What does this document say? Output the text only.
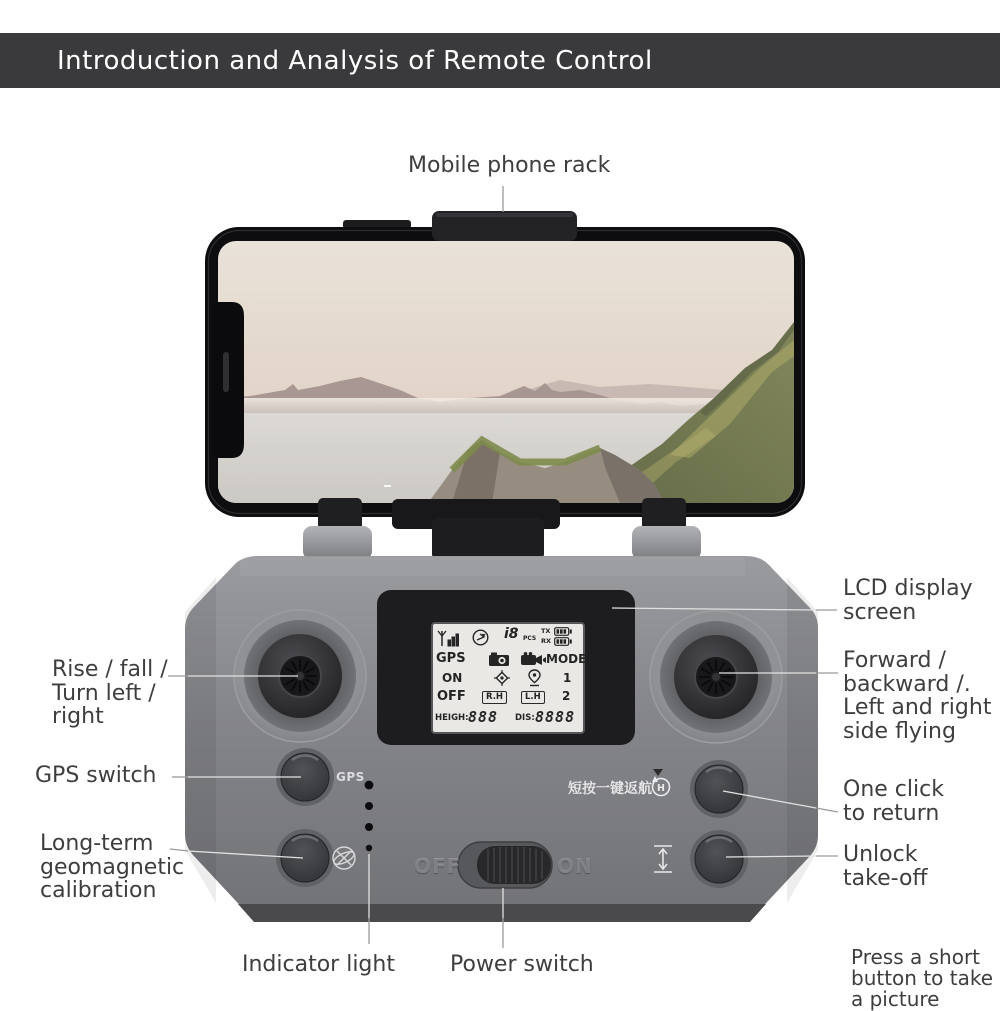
H
Introduction and Analysis of Remote Control
Mobile phone rack
LCD display
screen
Rise / fall /
Turn left /
right
Forward /
backward /.
Left and right
side flying
GPS switch
One click
to return
Long-term
geomagnetic
calibration
Unlock
take-off
Indicator light	Power switch	Press a short
button to take
a picture
GPS
OFF	ON
短按一键返航
i8 PCS
TX
RX
GPS	MODE
ON	1
OFF	R.H	L.H	2
HEIGH: 888 DIS: 8888
